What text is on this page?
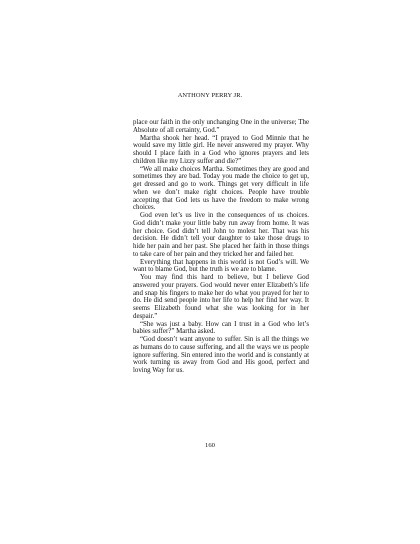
ANTHONY PERRY JR.

place our faith in the only unchanging One in the universe; The Absolute of all certainty, God.”

Martha shook her head. “I prayed to God Minnie that he would save my little girl. He never answered my prayer. Why should I place faith in a God who ignores prayers and lets children like my Lizzy suffer and die?”

“We all make choices Martha. Sometimes they are good and sometimes they are bad. Today you made the choice to get up, get dressed and go to work. Things get very difficult in life when we don’t make right choices. People have trouble accepting that God lets us have the freedom to make wrong choices.

God even let’s us live in the consequences of us choices. God didn’t make your little baby run away from home. It was her choice. God didn’t tell John to molest her. That was his decision. He didn’t tell your daughter to take those drugs to hide her pain and her past. She placed her faith in those things to take care of her pain and they tricked her and failed her.

Everything that happens in this world is not God’s will. We want to blame God, but the truth is we are to blame.

You may find this hard to believe, but I believe God answered your prayers. God would never enter Elizabeth’s life and snap his fingers to make her do what you prayed for her to do. He did send people into her life to help her find her way. It seems Elizabeth found what she was looking for in her despair.”

“She was just a baby. How can I trust in a God who let’s babies suffer?” Martha asked.

“God doesn’t want anyone to suffer. Sin is all the things we as humans do to cause suffering, and all the ways we us people ignore suffering. Sin entered into the world and is constantly at work turning us away from God and His good, perfect and loving Way for us.

160
